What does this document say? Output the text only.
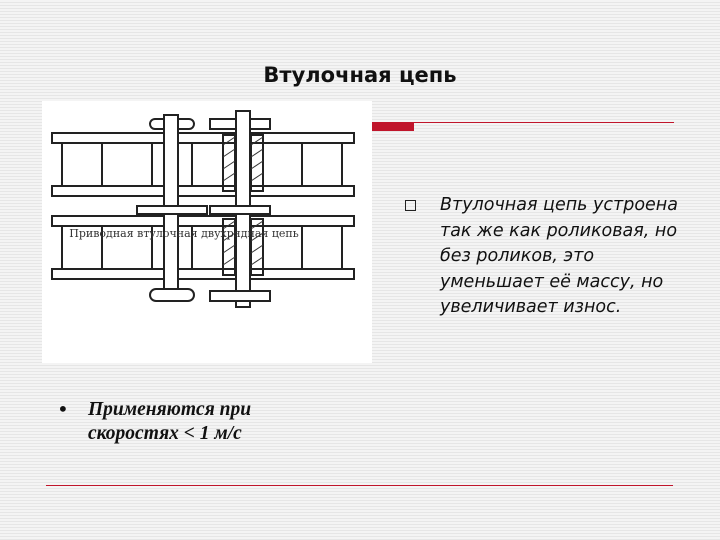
Втулочная цепь
Приводная втулочная двухрядная цепь
Втулочная цепь устроена так же как роликовая, но без роликов, это уменьшает её массу, но увеличивает износ.
• Применяются при скоростях < 1 м/с
